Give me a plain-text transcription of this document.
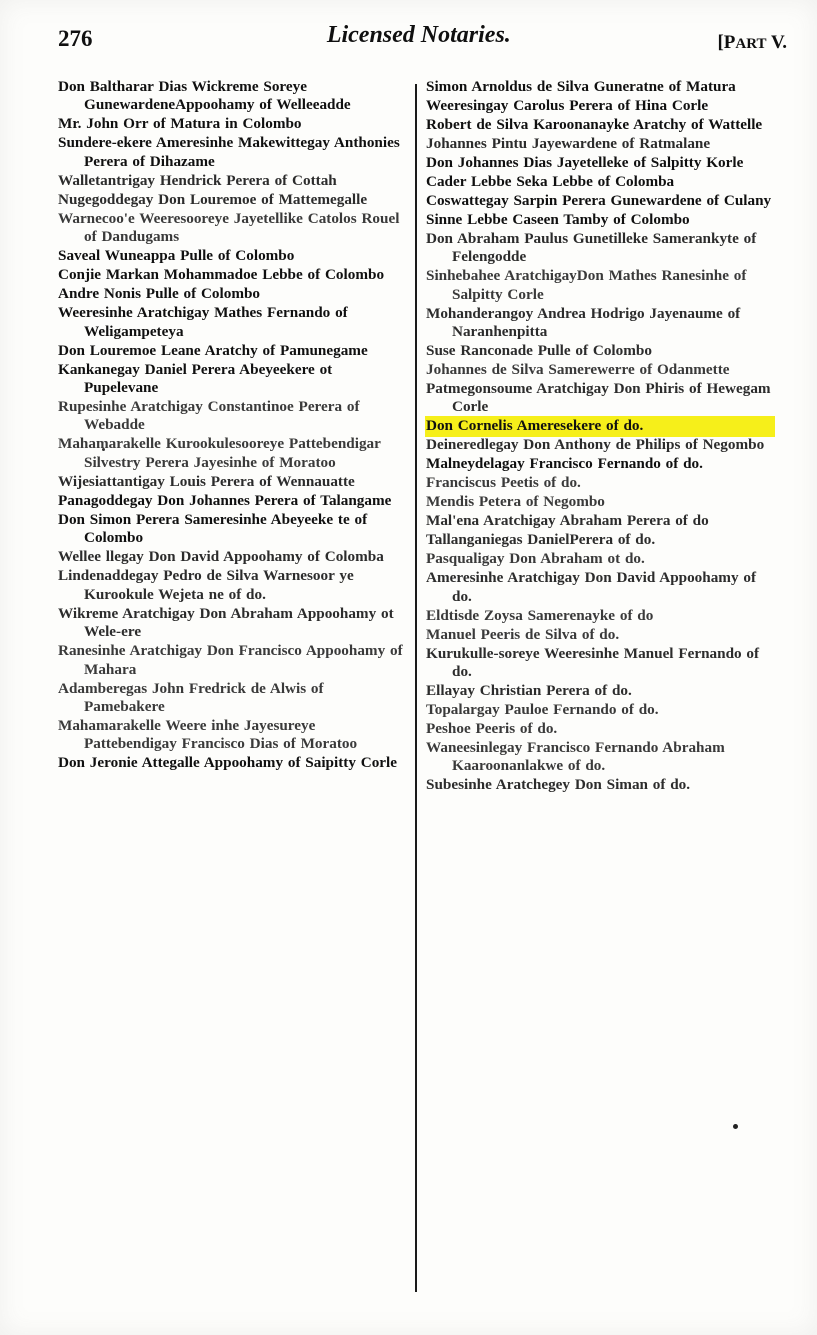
276	Licensed Notaries.	[PART V.

Don Baltharar Dias Wickreme Soreye GunewardeneAppoohamy of Welleeadde

Mr. John Orr of Matura in Colombo

Sundere-ekere Ameresinhe Makewittegay Anthonies Perera of Dihazame

Walletantrigay Hendrick Perera of Cottah

Nugegoddegay Don Louremoe of Mattemegalle

Warnecoo'e Weeresooreye Jayetellike Catolos Rouel of Dandugams

Saveal Wuneappa Pulle of Colombo

Conjie Markan Mohammadoe Lebbe of Colombo

Andre Nonis Pulle of Colombo

Weeresinhe Aratchigay Mathes Fernando of Weligampeteya

Don Louremoe Leane Aratchy of Pamunegame

Kankanegay Daniel Perera Abeyeekere ot Pupelevane

Rupesinhe Aratchigay Constantinoe Perera of Webadde

Mahamarakelle Kurookulesooreye Pattebendigar Silvestry Perera Jayesinhe of Moratoo

Wijesiattantigay Louis Perera of Wennauatte

Panagoddegay Don Johannes Perera of Talangame

Don Simon Perera Sameresinhe Abeyeeke te of Colombo

Wellee llegay Don David Appoohamy of Colomba

Lindenaddegay Pedro de Silva Warnesoor ye Kurookule Wejeta ne of do.

Wikreme Aratchigay Don Abraham Appoohamy ot Wele-ere

Ranesinhe Aratchigay Don Francisco Appoohamy of Mahara

Adamberegas John Fredrick de Alwis of Pamebakere

Mahamarakelle Weere inhe Jayesureye Pattebendigay Francisco Dias of Moratoo

Don Jeronie Attegalle Appoohamy of Saipitty Corle

Simon Arnoldus de Silva Guneratne of Matura

Weeresingay Carolus Perera of Hina Corle

Robert de Silva Karoonanayke Aratchy of Wattelle

Johannes Pintu Jayewardene of Ratmalane

Don Johannes Dias Jayetelleke of Salpitty Korle

Cader Lebbe Seka Lebbe of Colomba

Coswattegay Sarpin Perera Gunewardene of Culany

Sinne Lebbe Caseen Tamby of Colombo

Don Abraham Paulus Gunetilleke Samerankyte of Felengodde

Sinhebahee AratchigayDon Mathes Ranesinhe of Salpitty Corle

Mohanderangoy Andrea Hodrigo Jayenaume of Naranhenpitta

Suse Ranconade Pulle of Colombo

Johannes de Silva Samerewerre of Odanmette

Patmegonsoume Aratchigay Don Phiris of Hewegam Corle

Don Cornelis Ameresekere of do.

Deineredlegay Don Anthony de Philips of Negombo

Malneydelagay Francisco Fernando of do.

Franciscus Peetis of do.

Mendis Petera of Negombo

Mal'ena Aratchigay Abraham Perera of do

Tallanganiegas DanielPerera of do.

Pasqualigay Don Abraham ot do.

Ameresinhe Aratchigay Don David Appoohamy of do.

Eldtisde Zoysa Samerenayke of do

Manuel Peeris de Silva of do.

Kurukulle-soreye Weeresinhe Manuel Fernando of do.

Ellayay Christian Perera of do.

Topalargay Pauloe Fernando of do.

Peshoe Peeris of do.

Waneesinlegay Francisco Fernando Abraham Kaaroonanlakwe of do.

Subesinhe Aratchegey Don Siman of do.
